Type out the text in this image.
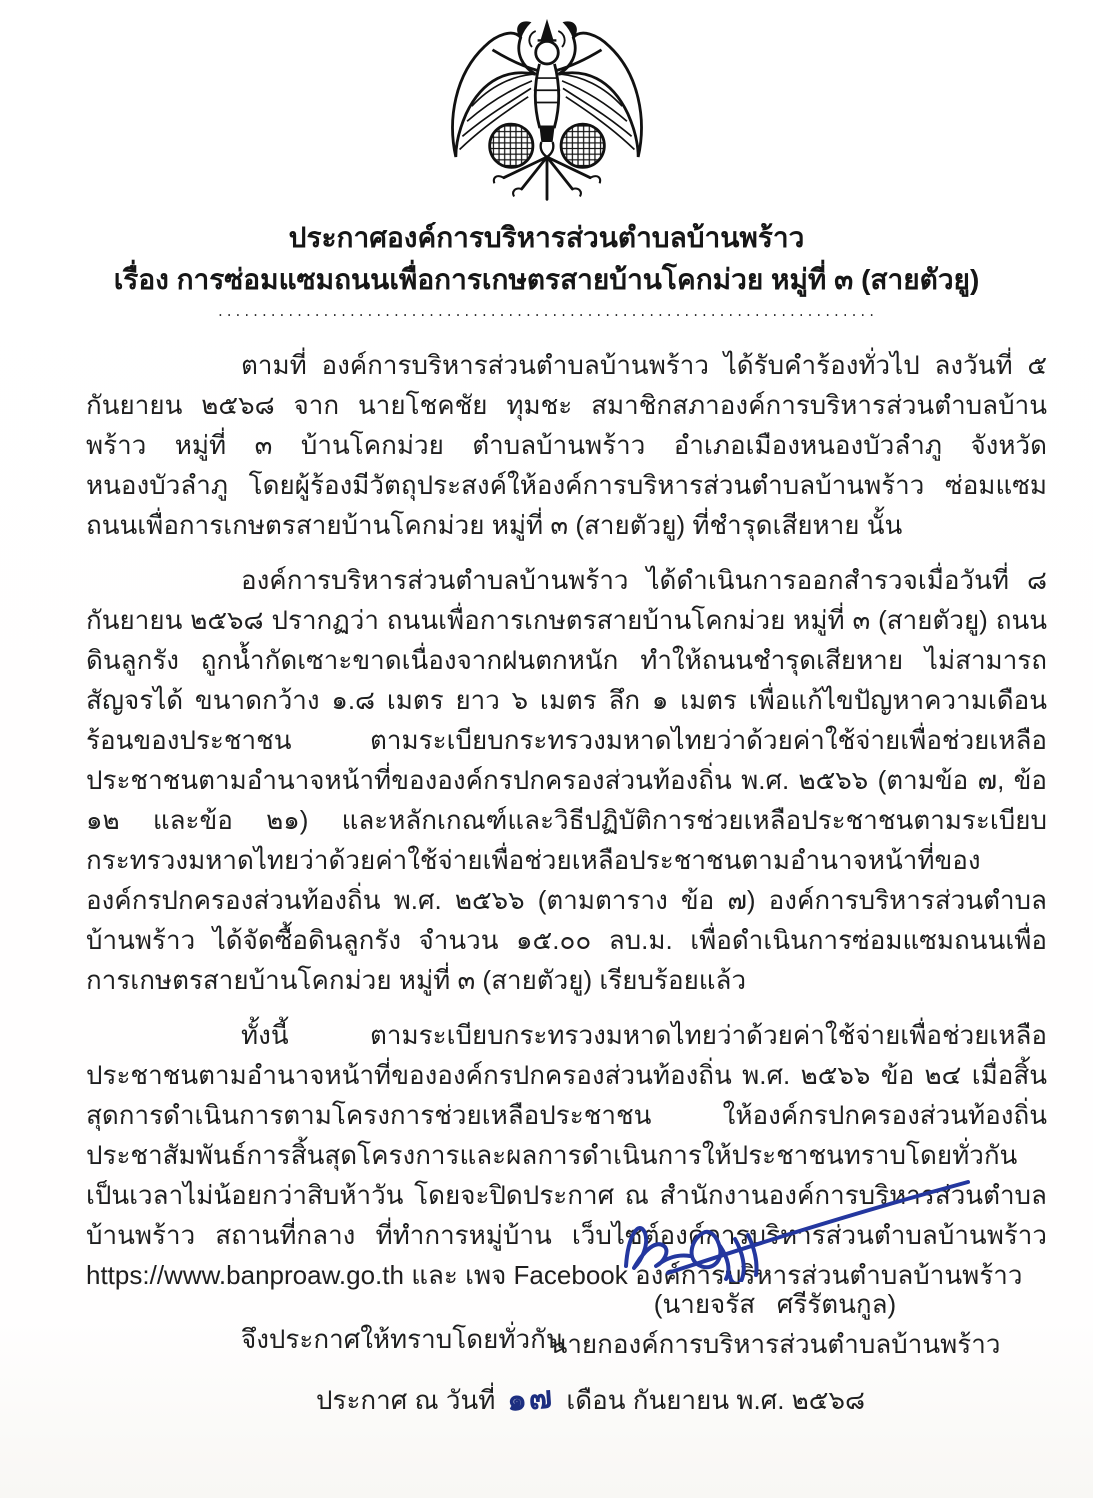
ประกาศองค์การบริหารส่วนตำบลบ้านพร้าว
เรื่อง การซ่อมแซมถนนเพื่อการเกษตรสายบ้านโคกม่วย หมู่ที่ ๓ (สายตัวยู)
...........................................................................

ตามที่ องค์การบริหารส่วนตำบลบ้านพร้าว ได้รับคำร้องทั่วไป ลงวันที่ ๕ กันยายน ๒๕๖๘ จาก นายโชคชัย ทุมชะ สมาชิกสภาองค์การบริหารส่วนตำบลบ้านพร้าว หมู่ที่ ๓ บ้านโคกม่วย ตำบลบ้านพร้าว อำเภอเมืองหนองบัวลำภู จังหวัดหนองบัวลำภู โดยผู้ร้องมีวัตถุประสงค์ให้องค์การบริหารส่วนตำบลบ้านพร้าว ซ่อมแซมถนนเพื่อการเกษตรสายบ้านโคกม่วย หมู่ที่ ๓ (สายตัวยู) ที่ชำรุดเสียหาย นั้น

องค์การบริหารส่วนตำบลบ้านพร้าว ได้ดำเนินการออกสำรวจเมื่อวันที่ ๘ กันยายน ๒๕๖๘ ปรากฏว่า ถนนเพื่อการเกษตรสายบ้านโคกม่วย หมู่ที่ ๓ (สายตัวยู) ถนนดินลูกรัง ถูกน้ำกัดเซาะขาดเนื่องจากฝนตกหนัก ทำให้ถนนชำรุดเสียหาย ไม่สามารถสัญจรได้ ขนาดกว้าง ๑.๘ เมตร ยาว ๖ เมตร ลึก ๑ เมตร เพื่อแก้ไขปัญหาความเดือนร้อนของประชาชน ตามระเบียบกระทรวงมหาดไทยว่าด้วยค่าใช้จ่ายเพื่อช่วยเหลือประชาชนตามอำนาจหน้าที่ขององค์กรปกครองส่วนท้องถิ่น พ.ศ. ๒๕๖๖ (ตามข้อ ๗, ข้อ ๑๒ และข้อ ๒๑) และหลักเกณฑ์และวิธีปฏิบัติการช่วยเหลือประชาชนตามระเบียบกระทรวงมหาดไทยว่าด้วยค่าใช้จ่ายเพื่อช่วยเหลือประชาชนตามอำนาจหน้าที่ขององค์กรปกครองส่วนท้องถิ่น พ.ศ. ๒๕๖๖ (ตามตาราง ข้อ ๗) องค์การบริหารส่วนตำบลบ้านพร้าว ได้จัดซื้อดินลูกรัง จำนวน ๑๕.๐๐ ลบ.ม. เพื่อดำเนินการซ่อมแซมถนนเพื่อการเกษตรสายบ้านโคกม่วย หมู่ที่ ๓ (สายตัวยู) เรียบร้อยแล้ว

ทั้งนี้ ตามระเบียบกระทรวงมหาดไทยว่าด้วยค่าใช้จ่ายเพื่อช่วยเหลือประชาชนตามอำนาจหน้าที่ขององค์กรปกครองส่วนท้องถิ่น พ.ศ. ๒๕๖๖ ข้อ ๒๔ เมื่อสิ้นสุดการดำเนินการตามโครงการช่วยเหลือประชาชน ให้องค์กรปกครองส่วนท้องถิ่นประชาสัมพันธ์การสิ้นสุดโครงการและผลการดำเนินการให้ประชาชนทราบโดยทั่วกัน เป็นเวลาไม่น้อยกว่าสิบห้าวัน โดยจะปิดประกาศ ณ สำนักงานองค์การบริหารส่วนตำบลบ้านพร้าว สถานที่กลาง ที่ทำการหมู่บ้าน เว็บไซต์องค์การบริหารส่วนตำบลบ้านพร้าว https://www.banproaw.go.th และ เพจ Facebook องค์การบริหารส่วนตำบลบ้านพร้าว

จึงประกาศให้ทราบโดยทั่วกัน
ประกาศ ณ วันที่ ๑๗ เดือน กันยายน พ.ศ. ๒๕๖๘
(นายจรัส   ศรีรัตนกูล)
นายกองค์การบริหารส่วนตำบลบ้านพร้าว
